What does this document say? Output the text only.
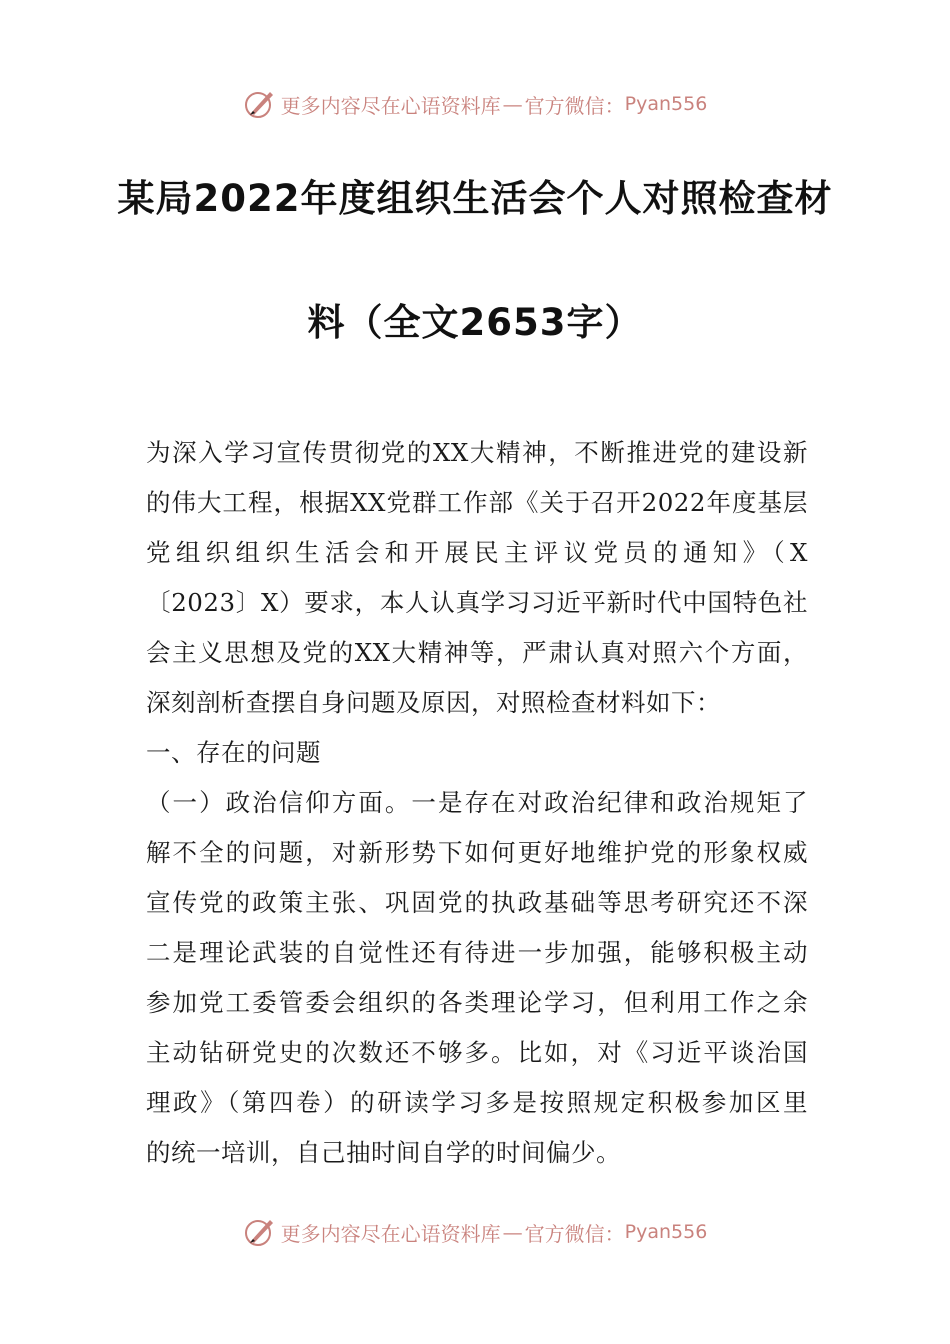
更多内容尽在心语资料库 — 官方微信： Pyan556
某局2022年度组织生活会个人对照检查材
料（全文2653字）
为深入学习宣传贯彻党的XX大精神，不断推进党的建设新
的伟大工程，根据XX党群工作部《关于召开2022年度基层
党组织组织生活会和开展民主评议党员的通知》（X
〔2023〕X）要求，本人认真学习习近平新时代中国特色社
会主义思想及党的XX大精神等，严肃认真对照六个方面，
深刻剖析查摆自身问题及原因，对照检查材料如下：
一、存在的问题
（一）政治信仰方面。一是存在对政治纪律和政治规矩了
解不全的问题，对新形势下如何更好地维护党的形象权威
宣传党的政策主张、巩固党的执政基础等思考研究还不深
二是理论武装的自觉性还有待进一步加强，能够积极主动
参加党工委管委会组织的各类理论学习，但利用工作之余
主动钻研党史的次数还不够多。比如，对《习近平谈治国
理政》（第四卷）的研读学习多是按照规定积极参加区里
的统一培训，自己抽时间自学的时间偏少。
更多内容尽在心语资料库 — 官方微信： Pyan556
